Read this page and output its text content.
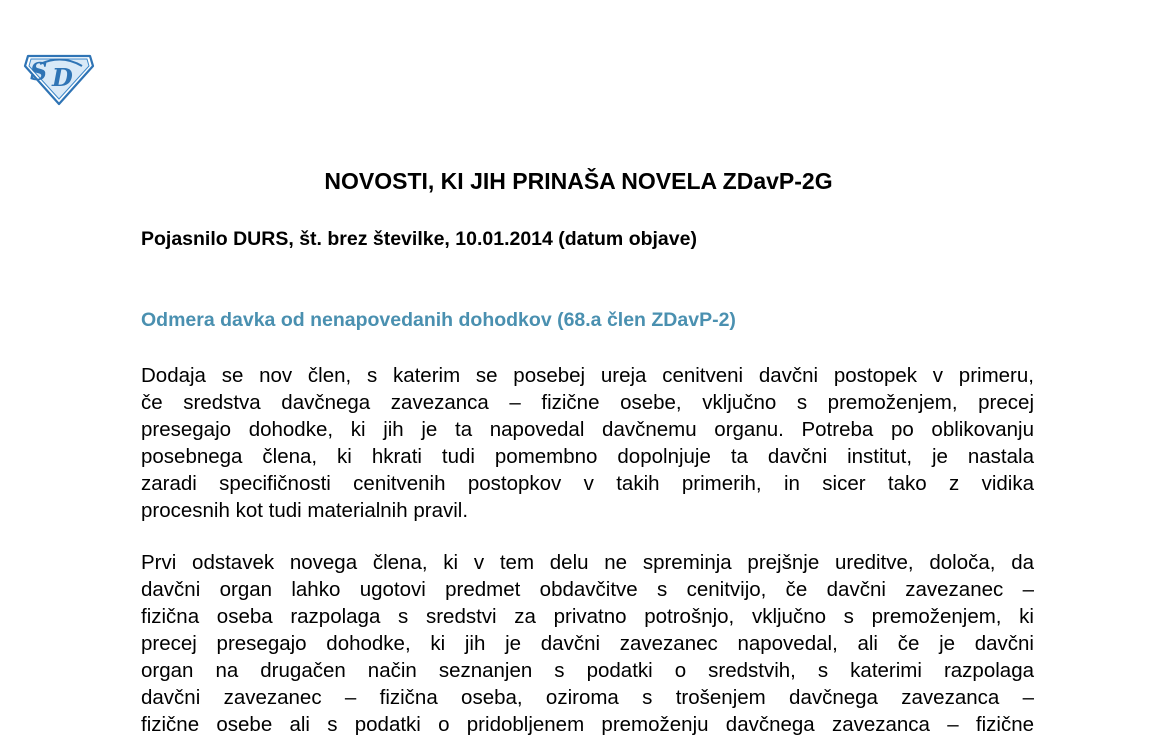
S D
NOVOSTI, KI JIH PRINAŠA NOVELA ZDavP-2G
Pojasnilo DURS, št. brez številke, 10.01.2014 (datum objave)
Odmera davka od nenapovedanih dohodkov (68.a člen ZDavP-2)
Dodaja se nov člen, s katerim se posebej ureja cenitveni davčni postopek v primeru,
če sredstva davčnega zavezanca – fizične osebe, vključno s premoženjem, precej
presegajo dohodke, ki jih je ta napovedal davčnemu organu. Potreba po oblikovanju
posebnega člena, ki hkrati tudi pomembno dopolnjuje ta davčni institut, je nastala
zaradi specifičnosti cenitvenih postopkov v takih primerih, in sicer tako z vidika
procesnih kot tudi materialnih pravil.
Prvi odstavek novega člena, ki v tem delu ne spreminja prejšnje ureditve, določa, da
davčni organ lahko ugotovi predmet obdavčitve s cenitvijo, če davčni zavezanec –
fizična oseba razpolaga s sredstvi za privatno potrošnjo, vključno s premoženjem, ki
precej presegajo dohodke, ki jih je davčni zavezanec napovedal, ali če je davčni
organ na drugačen način seznanjen s podatki o sredstvih, s katerimi razpolaga
davčni zavezanec – fizična oseba, oziroma s trošenjem davčnega zavezanca –
fizične osebe ali s podatki o pridobljenem premoženju davčnega zavezanca – fizične
